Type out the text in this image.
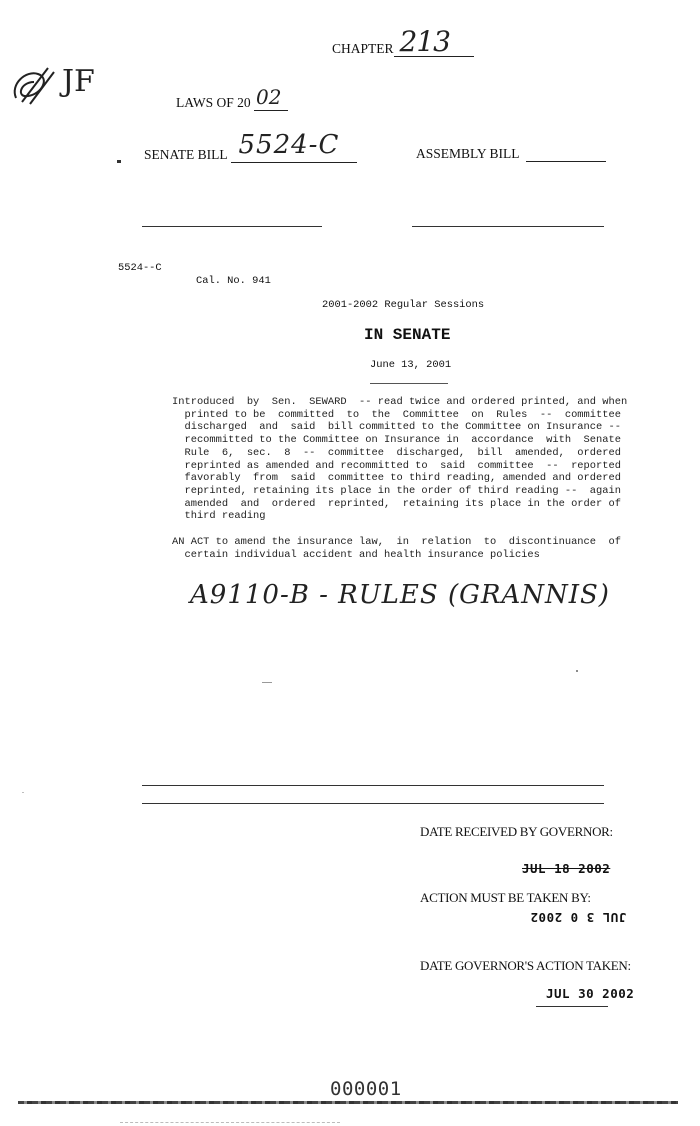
CHAPTER 213
JF
LAWS OF 20 02
SENATE BILL 5524-C	ASSEMBLY BILL
5524--C
Cal. No. 941
2001-2002 Regular Sessions
IN SENATE
June 13, 2001
Introduced  by  Sen.  SEWARD  -- read twice and ordered printed, and when
printed to be  committed  to  the  Committee  on  Rules  --  committee
discharged  and  said  bill committed to the Committee on Insurance --
recommitted to the Committee on Insurance in  accordance  with  Senate
Rule  6,  sec.  8  --  committee  discharged,  bill  amended,  ordered
reprinted as amended and recommitted to  said  committee  --  reported
favorably  from  said  committee to third reading, amended and ordered
reprinted, retaining its place in the order of third reading --  again
amended  and  ordered  reprinted,  retaining its place in the order of
third reading
AN ACT to amend the insurance law,  in  relation  to  discontinuance  of
certain individual accident and health insurance policies
A9110-B - RULES (GRANNIS)
DATE RECEIVED BY GOVERNOR:
JUL 18 2002
ACTION MUST BE TAKEN BY:
JUL 3 0 2002
DATE GOVERNOR'S ACTION TAKEN:
JUL 30 2002
000001
